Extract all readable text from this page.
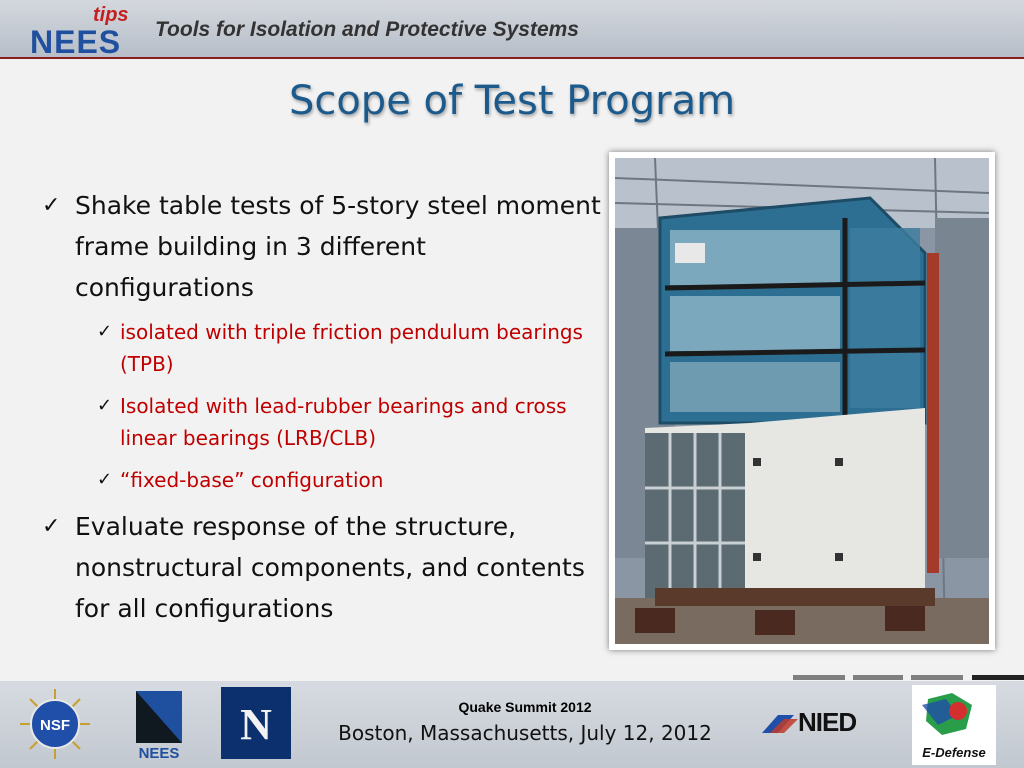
NEES
tips
Tools for Isolation and Protective Systems
Scope of Test Program
✓ Shake table tests of 5-story steel moment frame building in 3 different configurations
✓ isolated with triple friction pendulum bearings (TPB)
✓ Isolated with lead-rubber bearings and cross linear bearings (LRB/CLB)
✓ “fixed-base” configuration
✓ Evaluate response of the structure, nonstructural components, and contents for all configurations
NSF
NEES
N	Quake Summit 2012
Boston, Massachusetts, July 12, 2012	NIED
E-Defense
